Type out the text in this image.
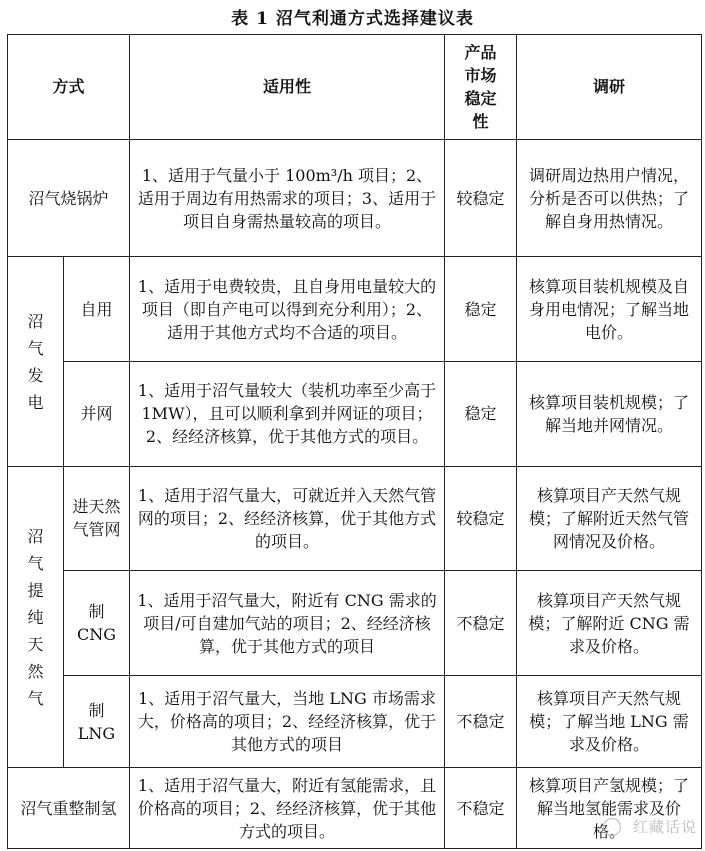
表 1 沼气利通方式选择建议表
方式		适用性	产品市场稳定性	调研
沼气烧锅炉		1、适用于气量小于 100m³/h 项目；2、适用于周边有用热需求的项目；3、适用于项目自身需热量较高的项目。	较稳定	调研周边热用户情况，分析是否可以供热；了解自身用热情况。
沼气发电	自用	1、适用于电费较贵，且自身用电量较大的项目（即自产电可以得到充分利用）；2、适用于其他方式均不合适的项目。	稳定	核算项目装机规模及自身用电情况；了解当地电价。
	并网	1、适用于沼气量较大（装机功率至少高于 1MW），且可以顺利拿到并网证的项目；2、经经济核算，优于其他方式的项目。	稳定	核算项目装机规模；了解当地并网情况。
沼气提纯天然气	进天然气管网	1、适用于沼气量大，可就近并入天然气管网的项目；2、经经济核算，优于其他方式的项目。	较稳定	核算项目产天然气规模；了解附近天然气管网情况及价格。
	制 CNG	1、适用于沼气量大，附近有 CNG 需求的项目/可自建加气站的项目；2、经经济核算，优于其他方式的项目	不稳定	核算项目产天然气规模；了解附近 CNG 需求及价格。
	制 LNG	1、适用于沼气量大，当地 LNG 市场需求大，价格高的项目；2、经经济核算，优于其他方式的项目	不稳定	核算项目产天然气规模；了解当地 LNG 需求及价格。
沼气重整制氢		1、适用于沼气量大，附近有氢能需求，且价格高的项目；2、经经济核算，优于其他方式的项目。	不稳定	核算项目产氢规模；了解当地氢能需求及价格。 红藏话说
